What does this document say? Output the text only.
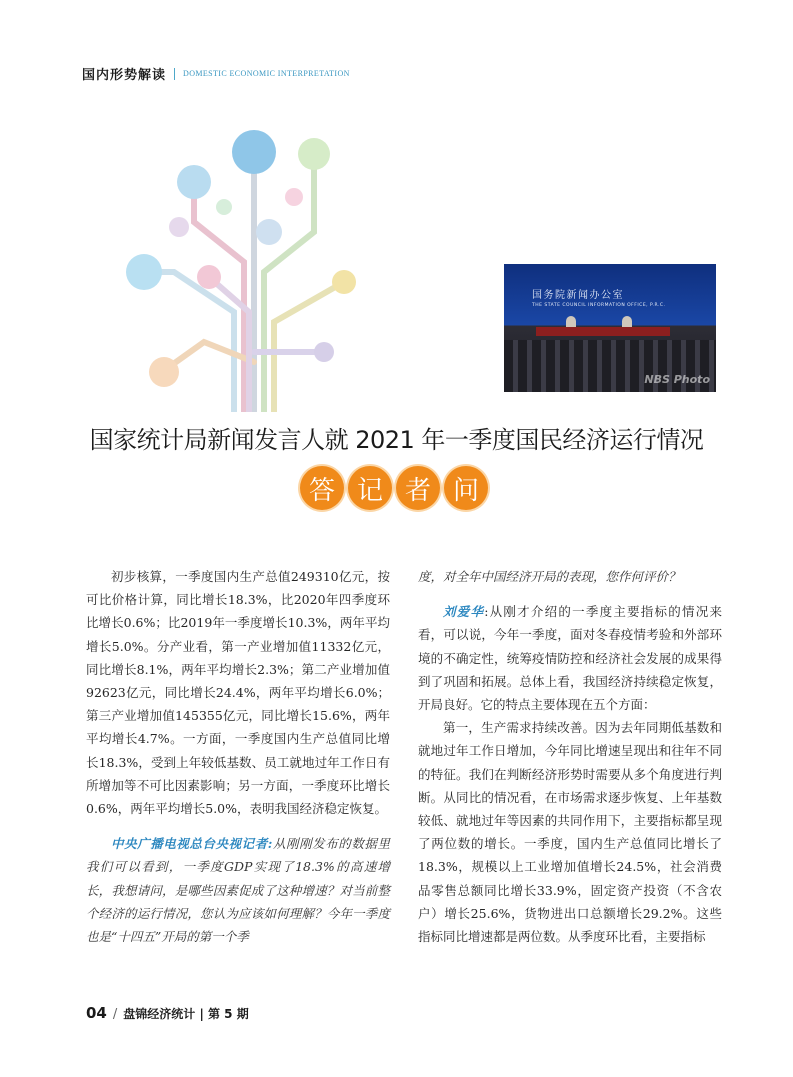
国内形势解读 DOMESTIC ECONOMIC INTERPRETATION
国务院新闻办公室
THE STATE COUNCIL INFORMATION OFFICE, P.R.C.
NBS Photo
国家统计局新闻发言人就 2021 年一季度国民经济运行情况
答 记 者 问

初步核算，一季度国内生产总值249310亿元，按可比价格计算，同比增长18.3%，比2020年四季度环比增长0.6%；比2019年一季度增长10.3%，两年平均增长5.0%。分产业看，第一产业增加值11332亿元，同比增长8.1%，两年平均增长2.3%；第二产业增加值92623亿元，同比增长24.4%，两年平均增长6.0%；第三产业增加值145355亿元，同比增长15.6%，两年平均增长4.7%。一方面，一季度国内生产总值同比增长18.3%，受到上年较低基数、员工就地过年工作日有所增加等不可比因素影响；另一方面，一季度环比增长0.6%，两年平均增长5.0%，表明我国经济稳定恢复。

中央广播电视总台央视记者:从刚刚发布的数据里我们可以看到，一季度GDP实现了18.3%的高速增长，我想请问，是哪些因素促成了这种增速？对当前整个经济的运行情况，您认为应该如何理解？今年一季度也是“十四五”开局的第一个季

度，对全年中国经济开局的表现，您作何评价？

刘爱华:从刚才介绍的一季度主要指标的情况来看，可以说，今年一季度，面对冬春疫情考验和外部环境的不确定性，统筹疫情防控和经济社会发展的成果得到了巩固和拓展。总体上看，我国经济持续稳定恢复，开局良好。它的特点主要体现在五个方面：

第一，生产需求持续改善。因为去年同期低基数和就地过年工作日增加，今年同比增速呈现出和往年不同的特征。我们在判断经济形势时需要从多个角度进行判断。从同比的情况看，在市场需求逐步恢复、上年基数较低、就地过年等因素的共同作用下，主要指标都呈现了两位数的增长。一季度，国内生产总值同比增长了18.3%，规模以上工业增加值增长24.5%，社会消费品零售总额同比增长33.9%，固定资产投资（不含农户）增长25.6%，货物进出口总额增长29.2%。这些指标同比增速都是两位数。从季度环比看，主要指标

04 / 盘锦经济统计 | 第 5 期
